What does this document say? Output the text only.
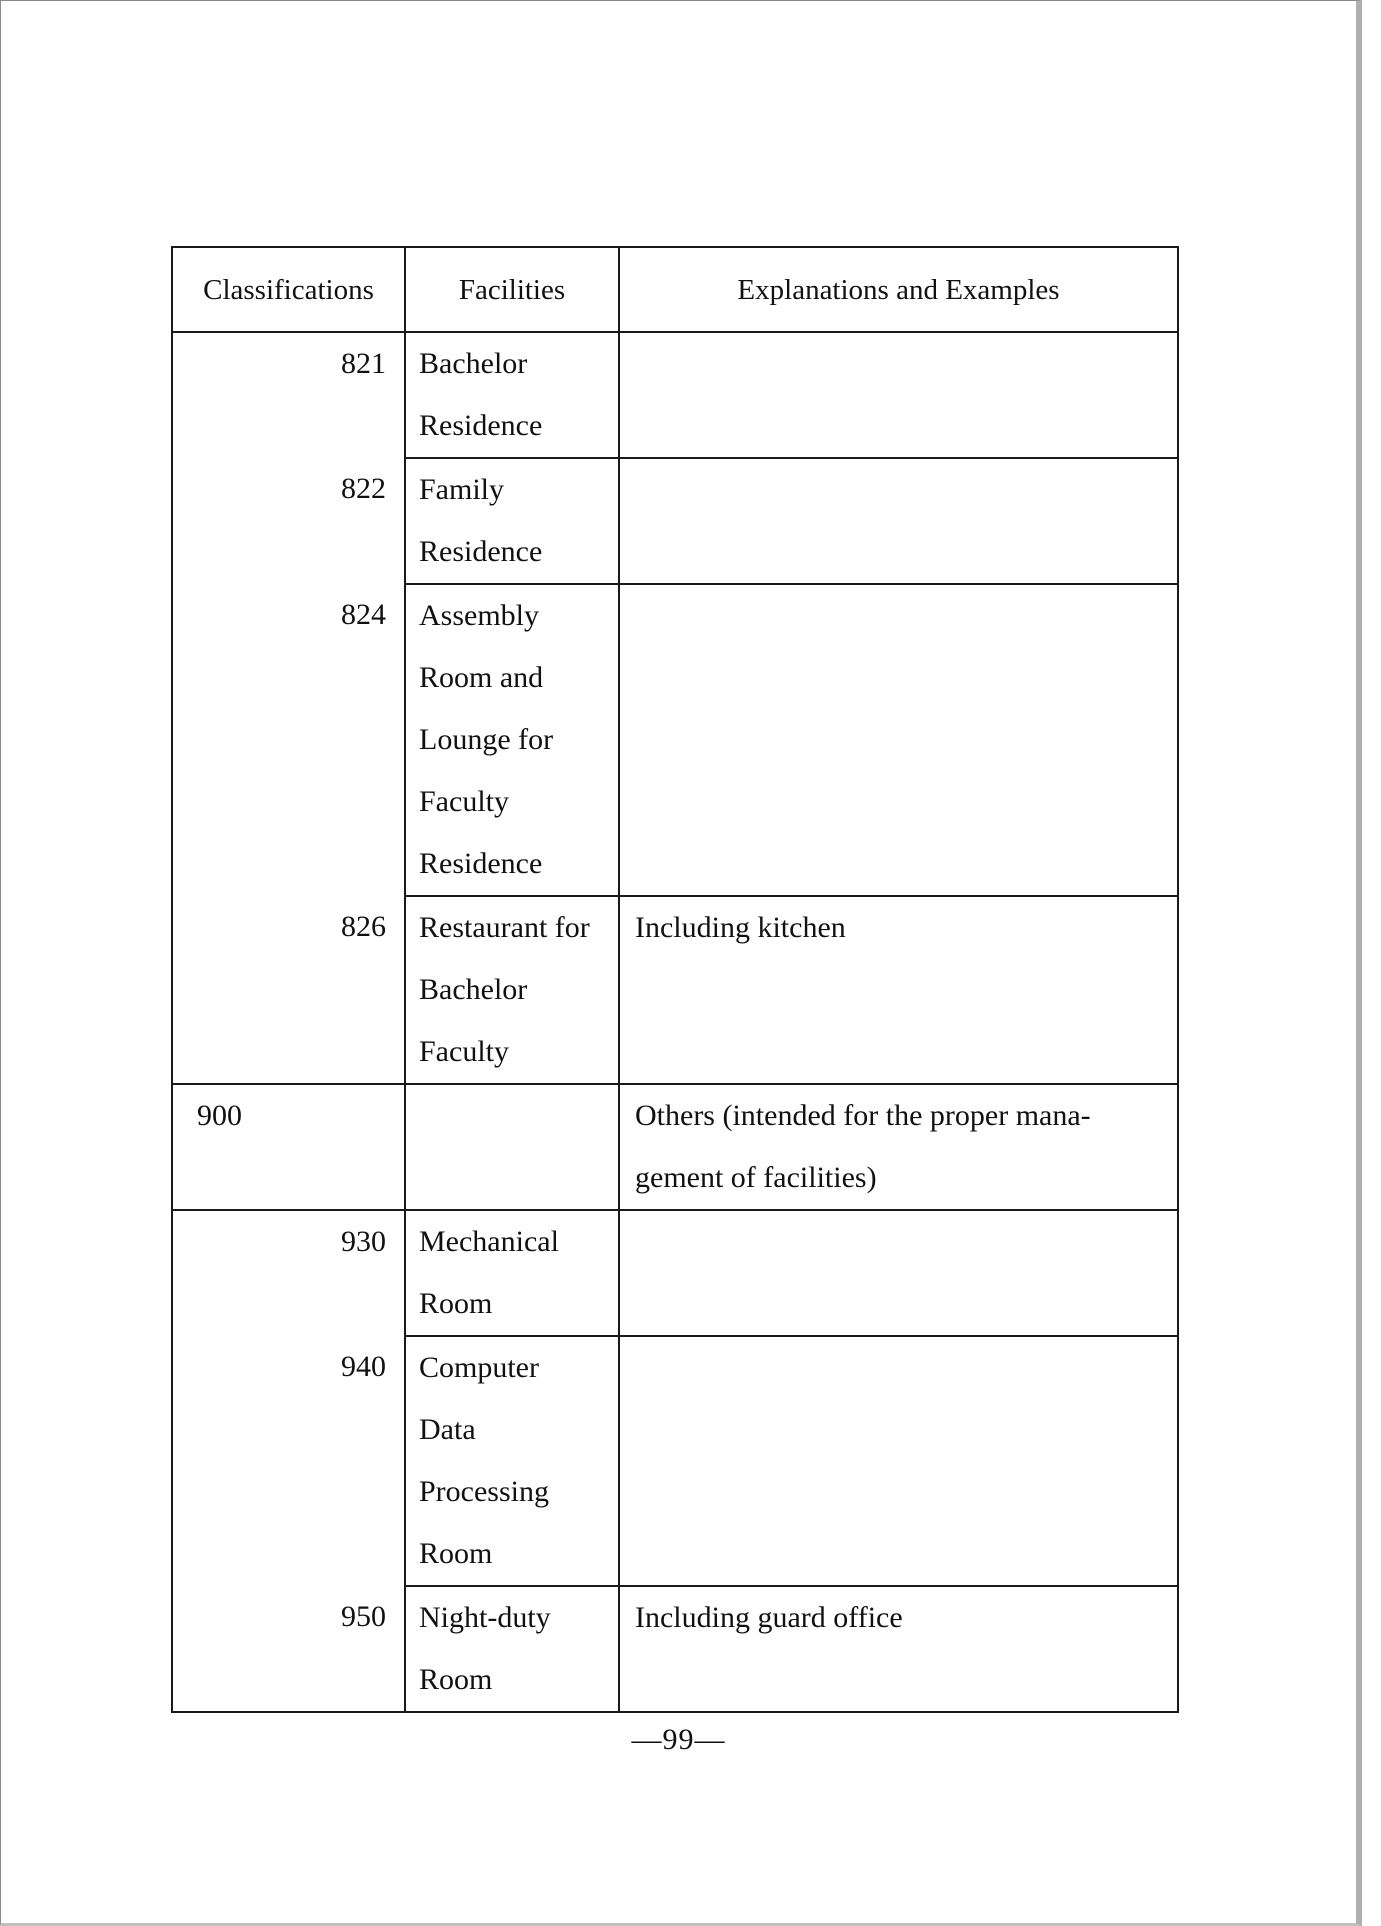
Classifications	Facilities	Explanations and Examples
821	Bachelor
Residence	

822	Family
Residence	

824	Assembly
Room and
Lounge for
Faculty
Residence	

826	Restaurant for
Bachelor
Faculty	Including kitchen

900		Others (intended for the proper mana-
gement of facilities)

930	Mechanical
Room	

940	Computer
Data
Processing
Room	

950	Night-duty
Room	Including guard office
—99—
